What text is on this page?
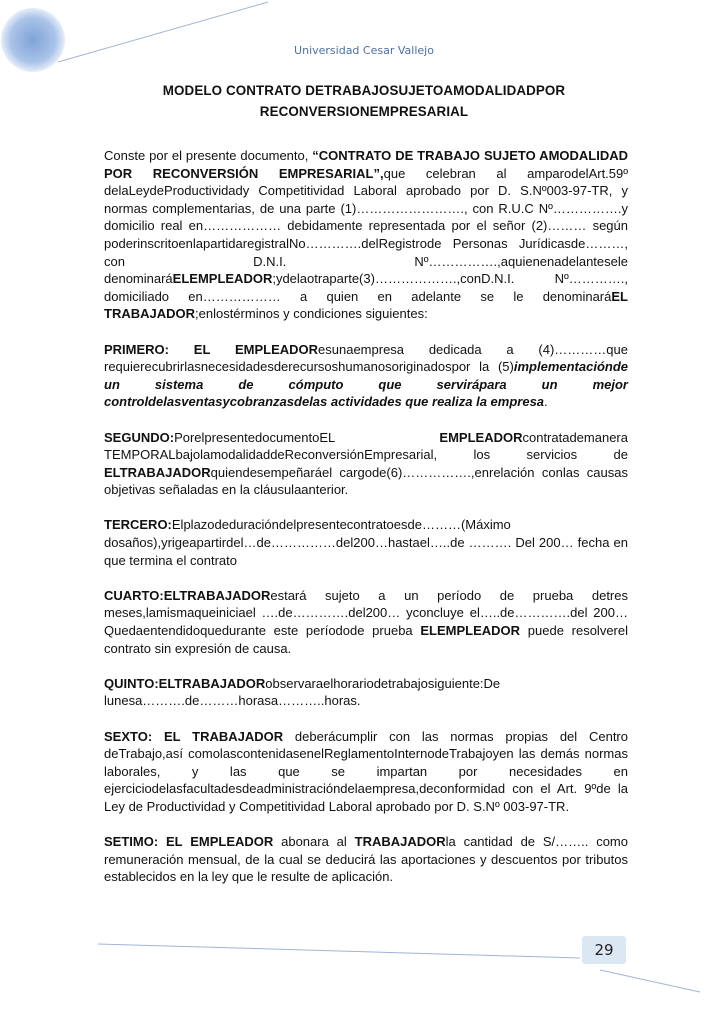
Universidad Cesar Vallejo
MODELO CONTRATO DETRABAJOSUJETOAMODALIDADPOR
RECONVERSIONEMPRESARIAL

Conste por el presente documento, “CONTRATO DE TRABAJO SUJETO AMODALIDAD POR RECONVERSIÓN EMPRESARIAL”,que celebran al amparodelArt.59º delaLeydeProductividady Competitividad Laboral aprobado por D. S.Nº003-97-TR, y normas complementarias, de una parte (1)……………………., con R.U.C Nº…………….y domicilio real en……………… debidamente representada por el señor (2)……… según poderinscritoenlapartidaregistralNo………….delRegistrode Personas Jurídicasde………, con D.N.I. Nº…………….,aquienenadelantesele denominaráELEMPLEADOR;ydelaotraparte(3)……………….,conD.N.I. Nº…………., domiciliado en……………… a quien en adelante se le denominaráEL TRABAJADOR;enlostérminos y condiciones siguientes:

PRIMERO: EL EMPLEADOResunaempresa dedicada a (4)…………que requierecubrirlasnecesidadesderecursoshumanosoriginadospor la (5)implementaciónde un sistema de cómputo que servirápara un mejor controldelasventasycobranzasdelas actividades que realiza la empresa.

SEGUNDO:PorelpresentedocumentoEL EMPLEADORcontratademanera TEMPORALbajolamodalidaddeReconversiónEmpresarial, los servicios de ELTRABAJADORquiendesempeñaráel cargode(6)…………….,enrelación conlas causas objetivas señaladas en la cláusulaanterior.

TERCERO:Elplazodeduracióndelpresentecontratoesde………(Máximo dosaños),yrigeapartirdel…de……………del200…hastael…..de ………. Del 200… fecha en que termina el contrato

CUARTO:ELTRABAJADORestará sujeto a un período de prueba detres meses,lamismaqueiniciael ….de………….del200… yconcluye el…..de………….del 200…Quedaentendidoquedurante este períodode prueba ELEMPLEADOR puede resolverel contrato sin expresión de causa.

QUINTO:ELTRABAJADORobservaraelhorariodetrabajosiguiente:De lunesa……….de………horasa………..horas.

SEXTO: EL TRABAJADOR deberácumplir con las normas propias del Centro deTrabajo,así comolascontenidasenelReglamentoInternodeTrabajoyen las demás normas laborales, y las que se impartan por necesidades en ejerciciodelasfacultadesdeadministracióndelaempresa,deconformidad con el Art. 9ºde la Ley de Productividad y Competitividad Laboral aprobado por D. S.Nº 003-97-TR.

SETIMO: EL EMPLEADOR abonara al TRABAJADORla cantidad de S/…….. como remuneración mensual, de la cual se deducirá las aportaciones y descuentos por tributos establecidos en la ley que le resulte de aplicación.

29
